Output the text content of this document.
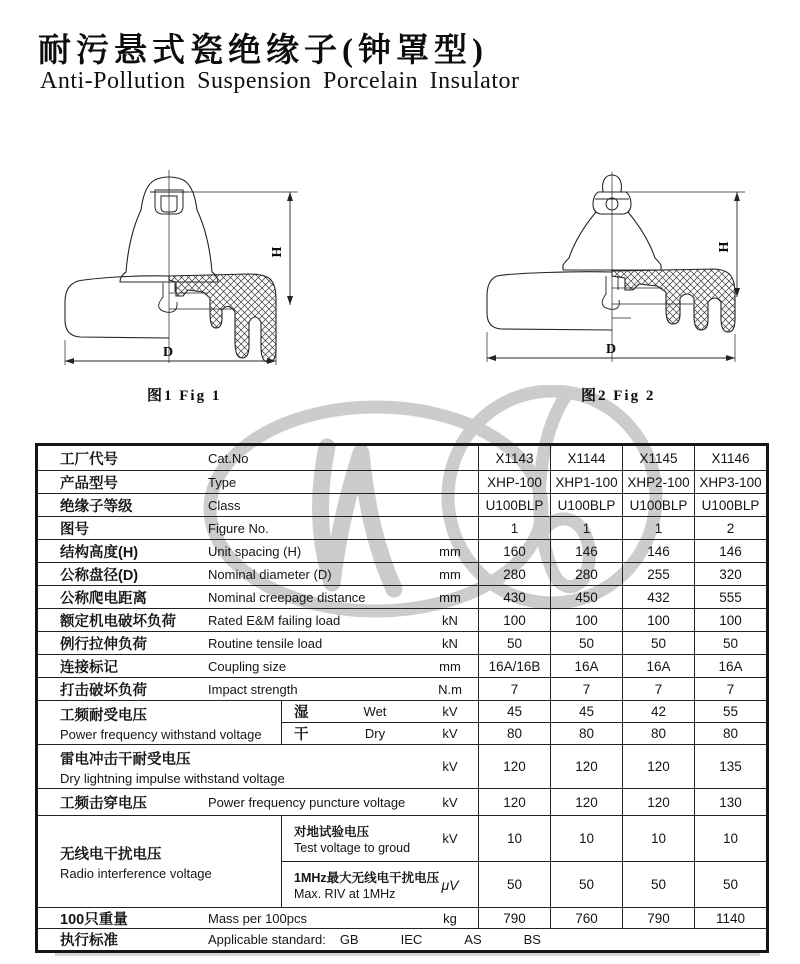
耐污悬式瓷绝缘子(钟罩型)
Anti-Pollution Suspension Porcelain Insulator
H
D
图1 Fig 1
H
D
图2 Fig 2
工厂代号	Cat.No	X1143	X1144	X1145	X1146
产品型号	Type	XHP-100 XHP1-100 XHP2-100 XHP3-100
绝缘子等级	Class	U100BLP	U100BLP	U100BLP	U100BLP
图号	Figure No.	1	1	1	2
结构高度(H)	Unit spacing (H)	mm	160	146	146	146
公称盘径(D)	Nominal diameter (D)	mm	280	280	255	320
公称爬电距离	Nominal creepage distance	mm	430	450	432	555
额定机电破坏负荷	Rated E&M failing load	kN	100	100	100	100
例行拉伸负荷	Routine tensile load	kN	50	50	50	50
连接标记	Coupling size	mm	16A/16B	16A	16A	16A
打击破坏负荷	Impact strength	N.m	7	7	7	7
工频耐受电压
Power frequency withstand voltage
湿	Wet	kV	45	45	42	55
干	Dry	kV	80	80	80	80
雷电冲击干耐受电压
Dry lightning impulse withstand voltage
kV	120	120	120	135
工频击穿电压	Power frequency puncture voltage	kV	120	120	120	130
无线电干扰电压
Radio interference voltage
对地试验电压
Test voltage to groud
kV	10	10	10	10
1MHz最大无线电干扰电压
Max. RIV at 1MHz
μV	50	50	50	50
100只重量	Mass per 100pcs	kg	790	760	790	1140
执行标准	Applicable standard: GB	IEC	AS	BS
